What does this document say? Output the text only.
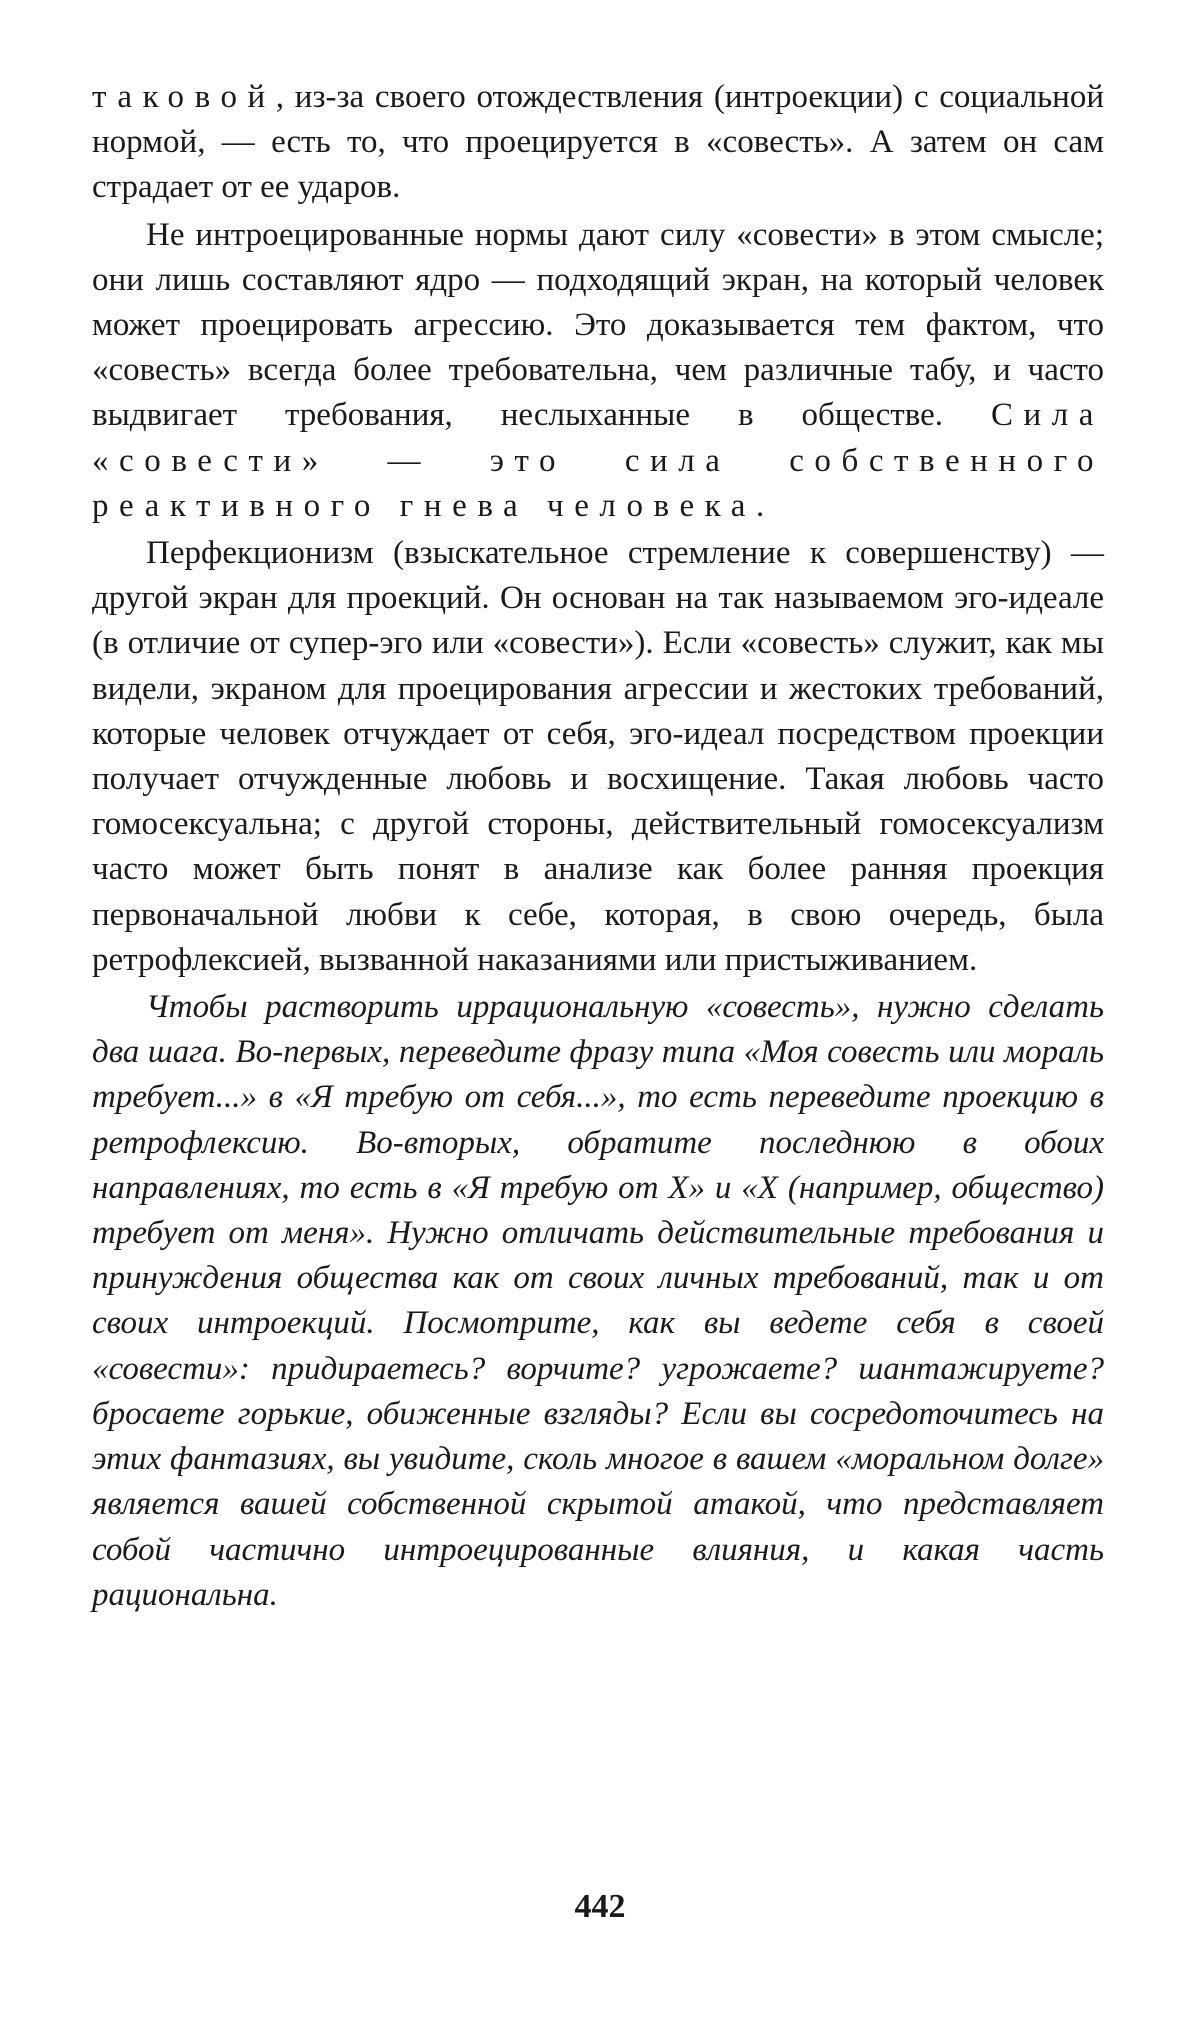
таковой, из-за своего отождествления (интроекции) с социальной нормой, — есть то, что проецируется в «совесть». А затем он сам страдает от ее ударов.

Не интроецированные нормы дают силу «совести» в этом смысле; они лишь составляют ядро — подходящий экран, на который человек может проецировать агрессию. Это доказывается тем фактом, что «совесть» всегда более требовательна, чем различные табу, и часто выдвигает требования, неслыханные в обществе. Сила «совести» — это сила собственного реактивного гнева человека.

Перфекционизм (взыскательное стремление к совершенству) — другой экран для проекций. Он основан на так называемом эго-идеале (в отличие от супер-эго или «совести»). Если «совесть» служит, как мы видели, экраном для проецирования агрессии и жестоких требований, которые человек отчуждает от себя, эго-идеал посредством проекции получает отчужденные любовь и восхищение. Такая любовь часто гомосексуальна; с другой стороны, действительный гомосексуализм часто может быть понят в анализе как более ранняя проекция первоначальной любви к себе, которая, в свою очередь, была ретрофлексией, вызванной наказаниями или пристыживанием.

Чтобы растворить иррациональную «совесть», нужно сделать два шага. Во-первых, переведите фразу типа «Моя совесть или мораль требует...» в «Я требую от себя...», то есть переведите проекцию в ретрофлексию. Во-вторых, обратите последнюю в обоих направлениях, то есть в «Я требую от X» и «X (например, общество) требует от меня». Нужно отличать действительные требования и принуждения общества как от своих личных требований, так и от своих интроекций. Посмотрите, как вы ведете себя в своей «совести»: придираетесь? ворчите? угрожаете? шантажируете? бросаете горькие, обиженные взгляды? Если вы сосредоточитесь на этих фантазиях, вы увидите, сколь многое в вашем «моральном долге» является вашей собственной скрытой атакой, что представляет собой частично интроецированные влияния, и какая часть рациональна.

442
